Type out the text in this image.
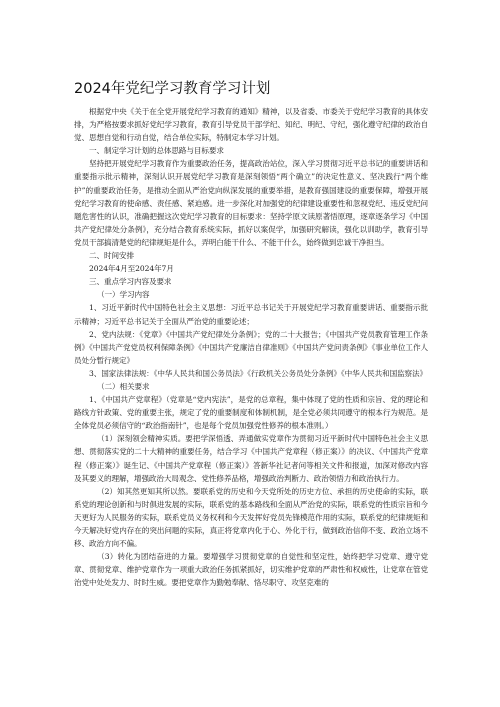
2024年党纪学习教育学习计划

根据党中央《关于在全党开展党纪学习教育的通知》精神，以及省委、市委关于党纪学习教育的具体安排，为严格按要求抓好党纪学习教育，教育引导党员干部学纪、知纪、明纪、守纪，强化遵守纪律的政治自觉、思想自觉和行动自觉，结合单位实际，特制定本学习计划。

一、制定学习计划的总体思路与目标要求

坚持把开展党纪学习教育作为重要政治任务，提高政治站位，深入学习贯彻习近平总书记的重要讲话和重要指示批示精神，深刻认识开展党纪学习教育是深刻领悟“两个确立”的决定性意义、坚决践行“两个维护”的重要政治任务，是推动全面从严治党向纵深发展的重要举措，是教育强国建设的重要保障，增强开展党纪学习教育的使命感、责任感、紧迫感。进一步深化对加强党的纪律建设重要性和忽视党纪、违反党纪问题危害性的认识，准确把握这次党纪学习教育的目标要求：坚持学原文读原著悟原理，逐章逐条学习《中国共产党纪律处分条例》，充分结合教育系统实际，抓好以案促学，加强研究解读，强化以训助学，教育引导党员干部搞清楚党的纪律规矩是什么，弄明白能干什么、不能干什么，始终做到忠诚干净担当。

二、时间安排

2024年4月至2024年7月

三、重点学习内容及要求

（一）学习内容

1、习近平新时代中国特色社会主义思想：习近平总书记关于开展党纪学习教育重要讲话、重要指示批示精神；习近平总书记关于全面从严治党的重要论述；

2、党内法规：《党章》《中国共产党纪律处分条例》；党的二十大报告；《中国共产党员教育管理工作条例》《中国共产党党员权利保障条例》《中国共产党廉洁自律准则》《中国共产党问责条例》《事业单位工作人员处分暂行规定》

3、国家法律法规：《中华人民共和国公务员法》《行政机关公务员处分条例》《中华人民共和国监察法》

（二）相关要求

1、《中国共产党章程》（党章是“党内宪法”，是党的总章程，集中体现了党的性质和宗旨、党的理论和路线方针政策、党的重要主张，规定了党的重要制度和体制机制，是全党必须共同遵守的根本行为规范。是全体党员必须信守的“政治指南针”，也是每个党员加强党性修养的根本准则。）

（1）深刻领会精神实质。要把学深悟透、弄通做实党章作为贯彻习近平新时代中国特色社会主义思想、贯彻落实党的二十大精神的重要任务，结合学习《中国共产党章程（修正案）》的决议、《中国共产党章程（修正案）》诞生记、《中国共产党章程（修正案）》答新华社记者问等相关文件和报道，加深对修改内容及其要义的理解，增强政治大局观念、党性修养品格，增强政治判断力、政治领悟力和政治执行力。

（2）知其然更知其所以然。要联系党的历史和今天党所处的历史方位、承担的历史使命的实际，联系党的理论创新和与时俱进发展的实际，联系党的基本路线和全面从严治党的实际，联系党的性质宗旨和今天更好为人民服务的实际，联系党员义务权利和今天发挥好党员先锋模范作用的实际，联系党的纪律规矩和今天解决好党内存在的突出问题的实际，真正将党章内化于心、外化于行，做到政治信仰不变、政治立场不移、政治方向不偏。

（3）转化为团结奋进的力量。要增强学习贯彻党章的自觉性和坚定性，始终把学习党章、遵守党章、贯彻党章、维护党章作为一项重大政治任务抓紧抓好，切实维护党章的严肃性和权威性，让党章在管党治党中处处发力、时时生威。要把党章作为勤勉奉献、恪尽职守、攻坚克难的
